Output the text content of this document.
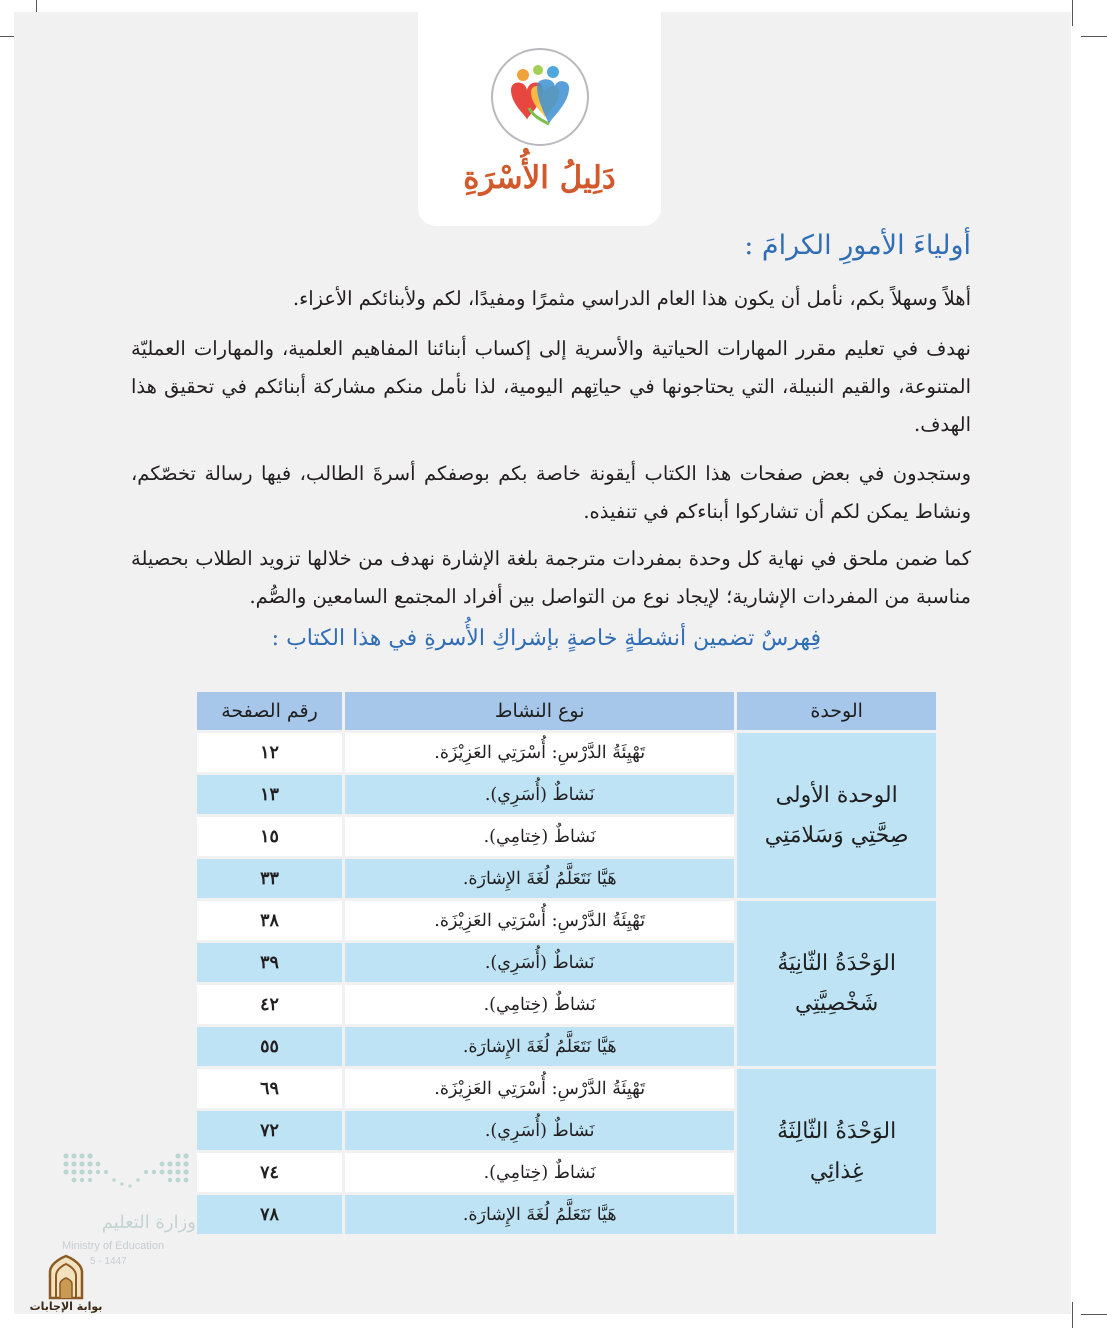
دَلِيلُ الأُسْرَةِ
أولياءَ الأمورِ الكرامَ :
أهلاً وسهلاً بكم، نأمل أن يكون هذا العام الدراسي مثمرًا ومفيدًا، لكم ولأبنائكم الأعزاء.
نهدف في تعليم مقرر المهارات الحياتية والأسرية إلى إكساب أبنائنا المفاهيم العلمية، والمهارات العمليّة المتنوعة، والقيم النبيلة، التي يحتاجونها في حياتِهم اليومية، لذا نأمل منكم مشاركة أبنائكم في تحقيق هذا الهدف.
وستجدون في بعض صفحات هذا الكتاب أيقونة خاصة بكم بوصفكم أسرةَ الطالب، فيها رسالة تخصّكم، ونشاط يمكن لكم أن تشاركوا أبناءكم في تنفيذه.
كما ضمن ملحق في نهاية كل وحدة بمفردات مترجمة بلغة الإشارة نهدف من خلالها تزويد الطلاب بحصيلة مناسبة من المفردات الإشارية؛ لإيجاد نوع من التواصل بين أفراد المجتمع السامعين والصُّم.
فِهرسٌ تضمين أنشطةٍ خاصةٍ بإشراكِ الأُسرةِ في هذا الكتاب :
الوحدة	نوع النشاط	رقم الصفحة

الوحدة الأولى
صِحَّتِي وَسَلامَتِي	تَهْيِئَةُ الدَّرْسِ: أُسْرَتِي العَزِيْزَة.	١٢
	نَشاطٌ (أُسَرِي).	١٣
	نَشاطٌ (خِتامِي).	١٥
	هَيَّا نَتَعَلَّمُ لُغَةَ الإِشارَة.	٣٣

الوَحْدَةُ الثّانِيَةُ
شَخْصِيَّتِي	تَهْيِئَةُ الدَّرْسِ: أُسْرَتِي العَزِيْزَة.	٣٨
	نَشاطٌ (أُسَرِي).	٣٩
	نَشاطٌ (خِتامِي).	٤٢
	هَيَّا نَتَعَلَّمُ لُغَةَ الإِشارَة.	٥٥

الوَحْدَةُ الثّالِثَةُ
غِذائِي	تَهْيِئَةُ الدَّرْسِ: أُسْرَتِي العَزِيْزَة.	٦٩
	نَشاطٌ (أُسَرِي).	٧٢
	نَشاطٌ (خِتامِي).	٧٤
	هَيَّا نَتَعَلَّمُ لُغَةَ الإِشارَة.	٧٨
وزارة التعليم
Ministry of Education
5 - 1447
بوابة الإجابات
